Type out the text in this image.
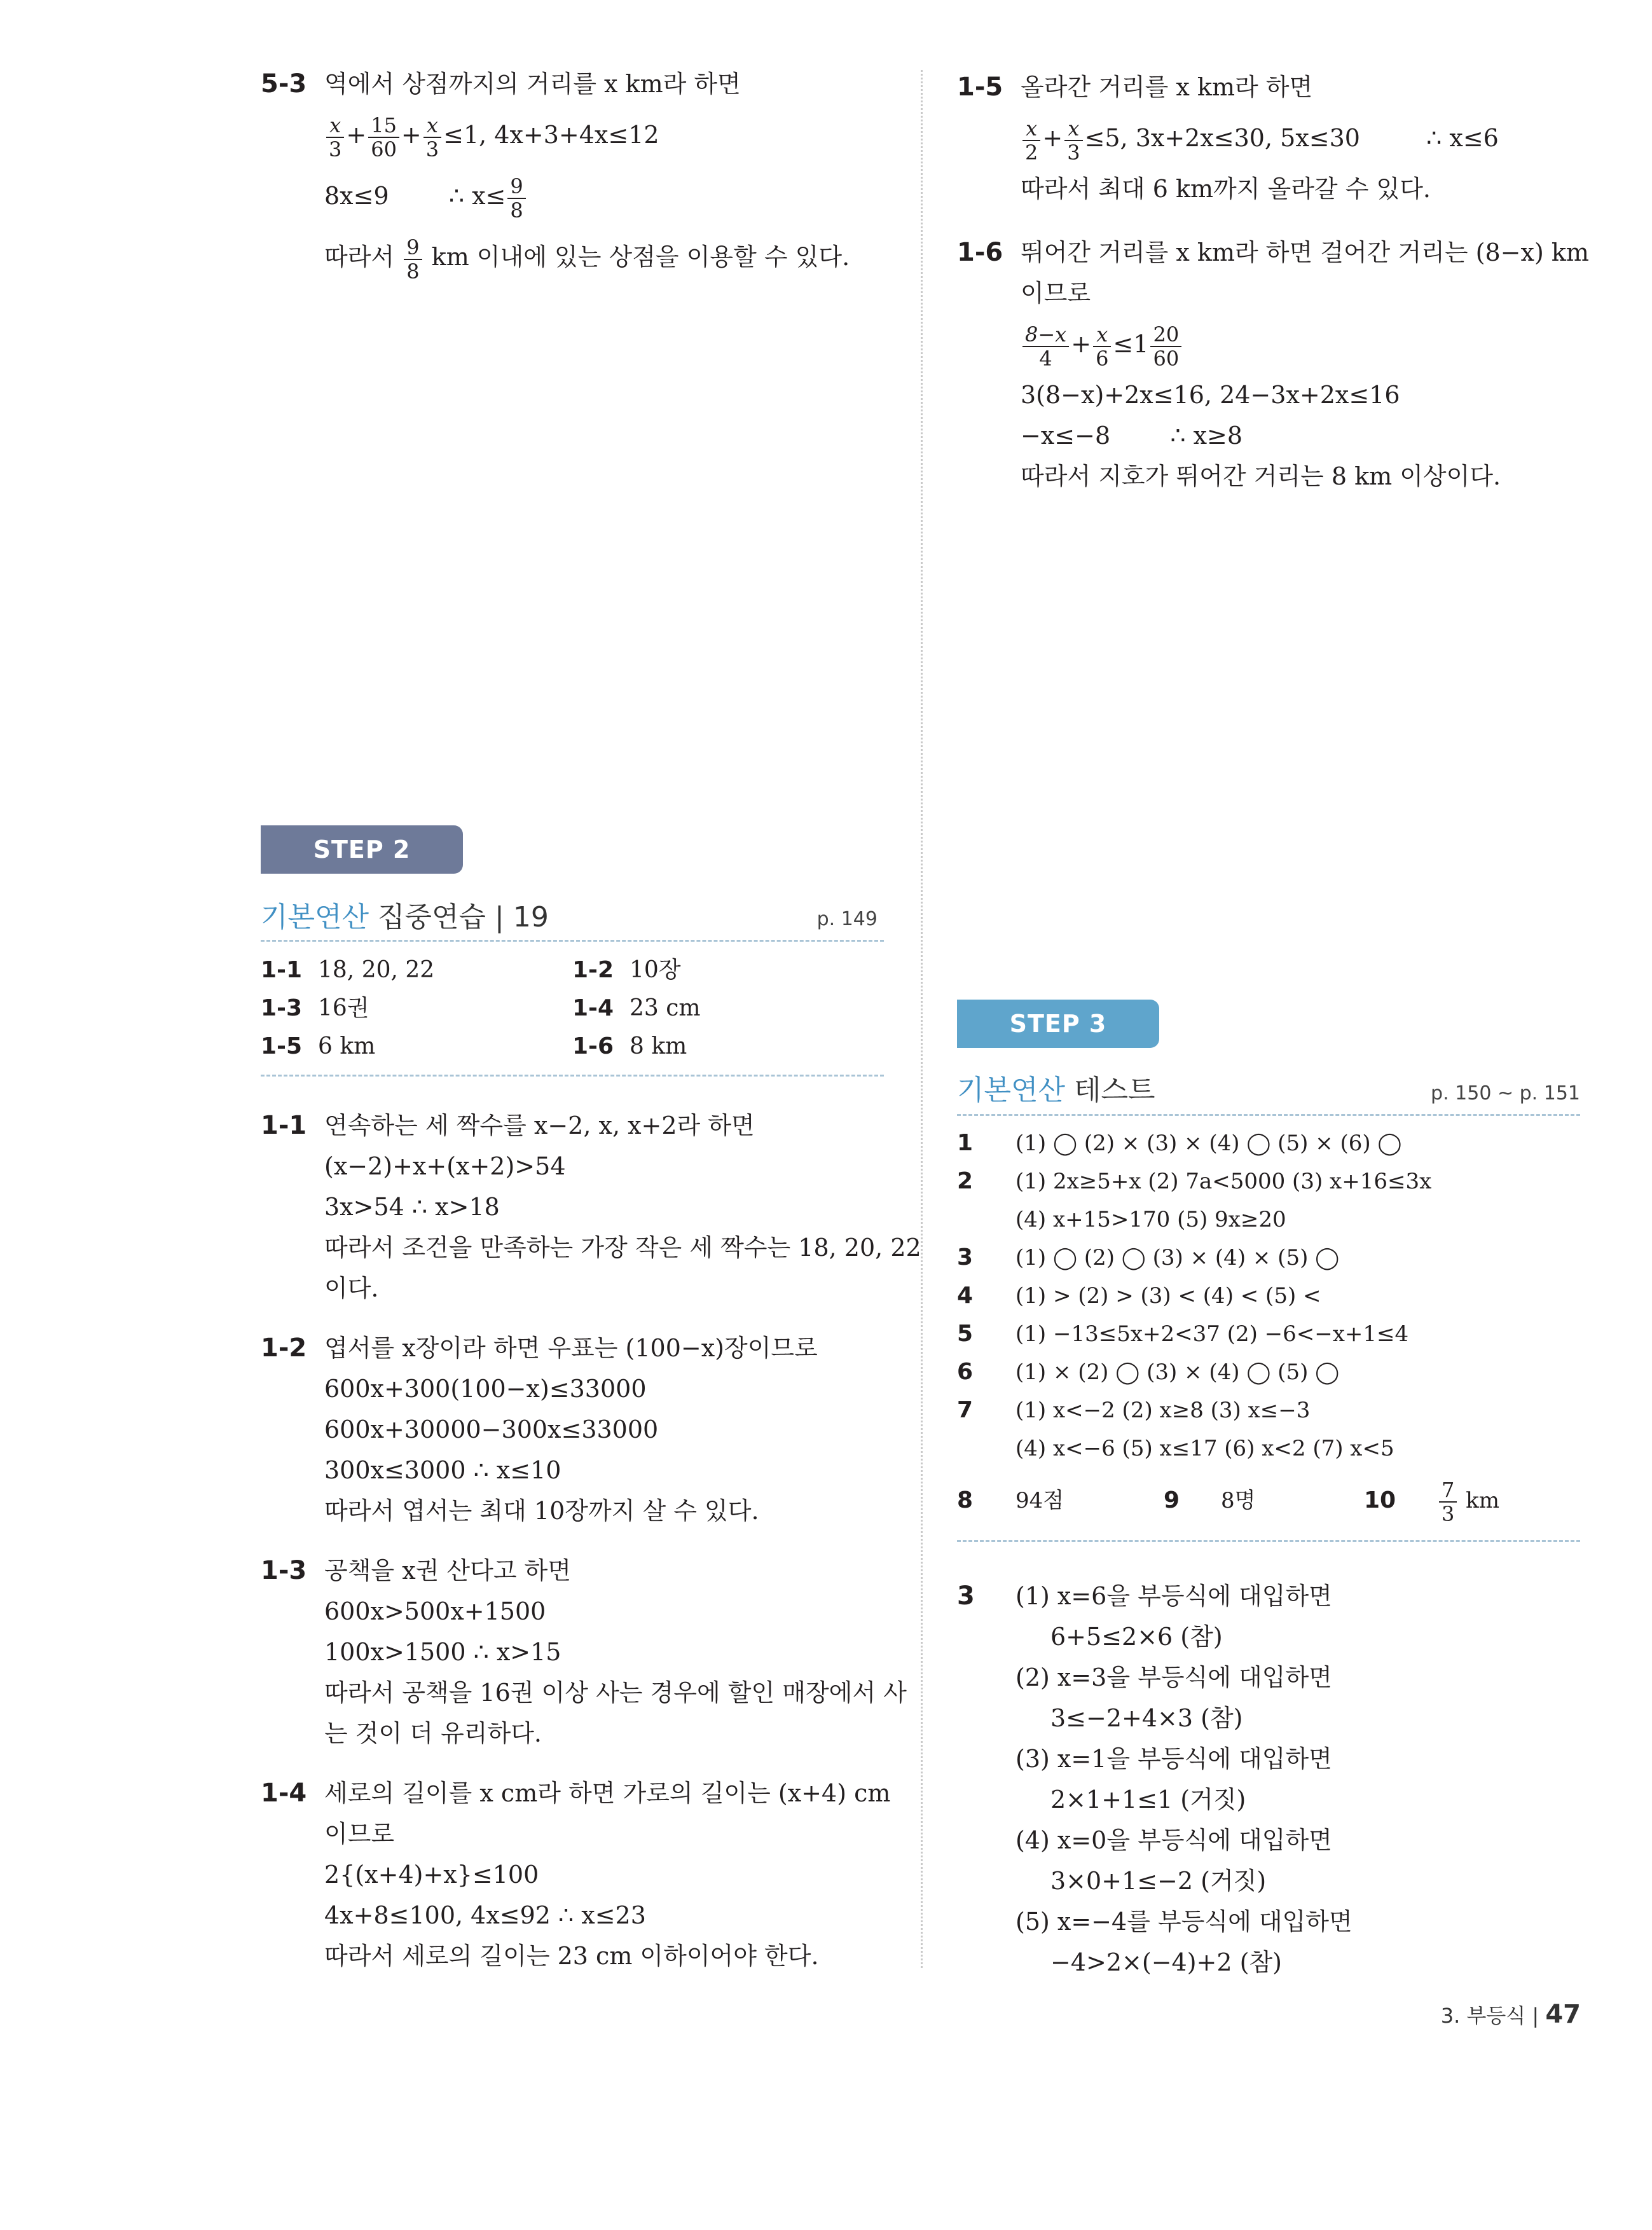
5-3 역에서 상점까지의 거리를 x km라 하면
$\frac{x}{3} + \frac{15}{60} + \frac{x}{3} \le 1$, 4x+3+4x≤12
8x≤9 ∴ $x\le \frac{9}{8}$
따라서 $\frac{9}{8}$ km 이내에 있는 상점을 이용할 수 있다.
STEP 2
기본연산 집중연습 | 19	p. 149
1-1 18, 20, 22	1-2 10장
1-3 16권	1-4 23 cm
1-5 6 km	1-6 8 km
1-1 연속하는 세 짝수를 x−2, x, x+2라 하면
(x−2)+x+(x+2)>54
3x>54 ∴ x>18
따라서 조건을 만족하는 가장 작은 세 짝수는 18, 20, 22
이다.
1-2 엽서를 x장이라 하면 우표는 (100−x)장이므로
600x+300(100−x)≤33000
600x+30000−300x≤33000
300x≤3000 ∴ x≤10
따라서 엽서는 최대 10장까지 살 수 있다.
1-3 공책을 x권 산다고 하면
600x>500x+1500
100x>1500 ∴ x>15
따라서 공책을 16권 이상 사는 경우에 할인 매장에서 사
는 것이 더 유리하다.
1-4 세로의 길이를 x cm라 하면 가로의 길이는 (x+4) cm
이므로
2{(x+4)+x}≤100
4x+8≤100, 4x≤92 ∴ x≤23
따라서 세로의 길이는 23 cm 이하이어야 한다.
1-5 올라간 거리를 x km라 하면
$\frac{x}{2} + \frac{x}{3} \le 5$, 3x+2x≤30, 5x≤30	∴ x≤6
따라서 최대 6 km까지 올라갈 수 있다.
1-6 뛰어간 거리를 x km라 하면 걸어간 거리는 (8−x) km
이므로
$\frac{8-x}{4} + \frac{x}{6} \le 1 \frac{20}{60}$
3(8−x)+2x≤16, 24−3x+2x≤16
−x≤−8 ∴ x≥8
따라서 지호가 뛰어간 거리는 8 km 이상이다.
STEP 3
기본연산 테스트	p. 150 ~ p. 151
1 (1) ◯ (2) × (3) × (4) ◯ (5) × (6) ◯
2 (1) 2x≥5+x (2) 7a<5000 (3) x+16≤3x
(4) x+15>170 (5) 9x≥20
3 (1) ◯ (2) ◯ (3) × (4) × (5) ◯
4 (1) > (2) > (3) < (4) < (5) <
5 (1) −13≤5x+2<37 (2) −6<−x+1≤4
6 (1) × (2) ◯ (3) × (4) ◯ (5) ◯
7 (1) x<−2 (2) x≥8 (3) x≤−3
(4) x<−6 (5) x≤17 (6) x<2 (7) x<5
8 94점	9 8명	$10 \frac{7}{3}$ km
3 (1) x=6을 부등식에 대입하면
6+5≤2×6 (참)
(2) x=3을 부등식에 대입하면
3≤−2+4×3 (참)
(3) x=1을 부등식에 대입하면
2×1+1≤1 (거짓)
(4) x=0을 부등식에 대입하면
3×0+1≤−2 (거짓)
(5) x=−4를 부등식에 대입하면
−4>2×(−4)+2 (참)
3. 부등식 | 47
